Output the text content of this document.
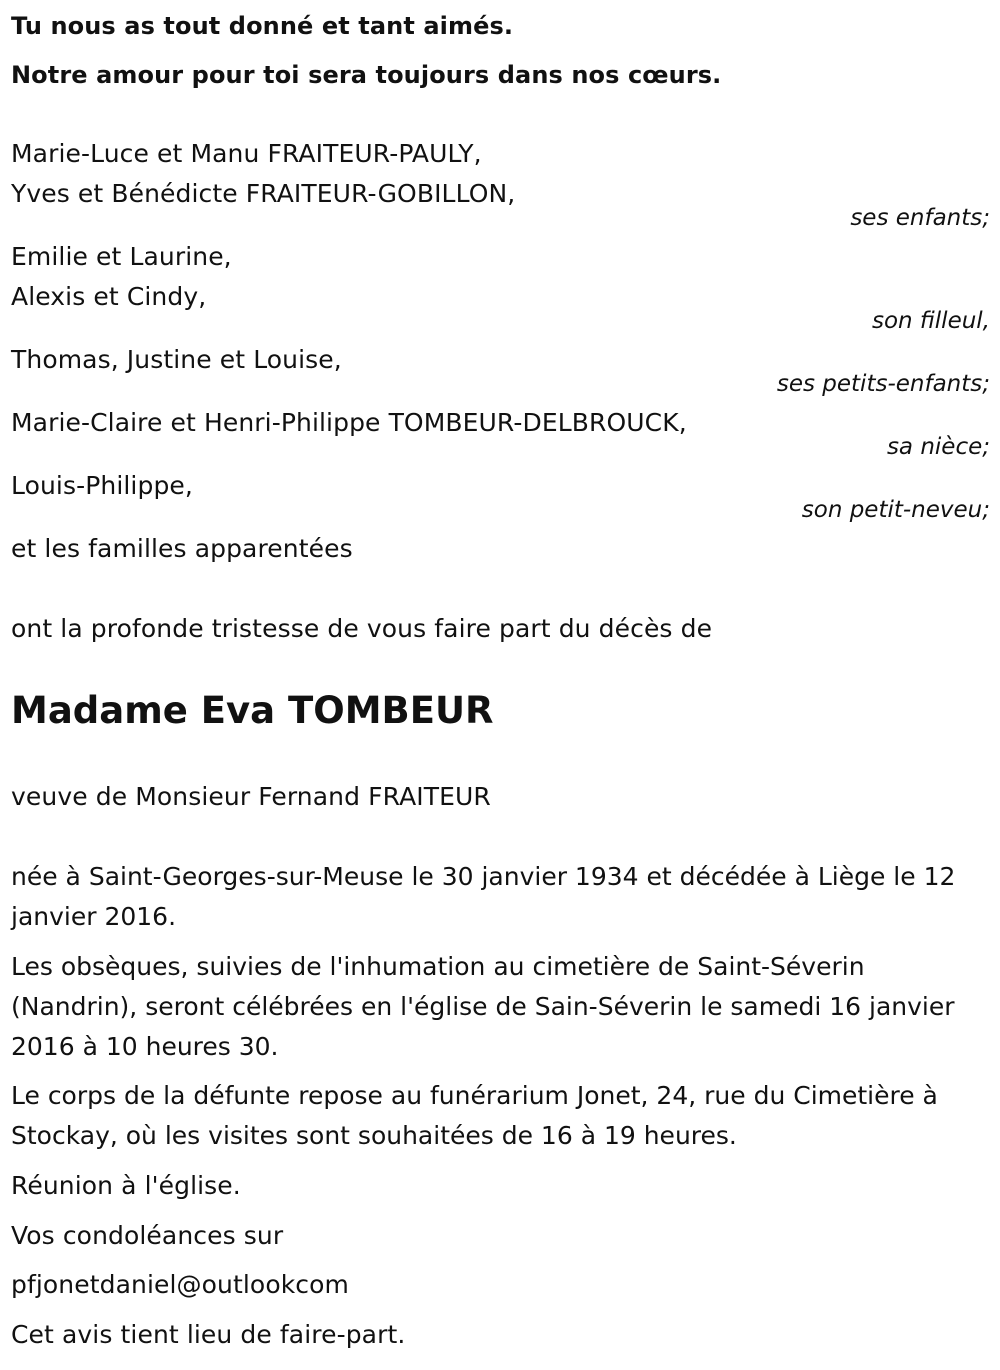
Tu nous as tout donné et tant aimés.
Notre amour pour toi sera toujours dans nos cœurs.
Marie-Luce et Manu FRAITEUR-PAULY,
Yves et Bénédicte FRAITEUR-GOBILLON,
ses enfants;
Emilie et Laurine,
Alexis et Cindy,
son filleul,
Thomas, Justine et Louise,
ses petits-enfants;
Marie-Claire et Henri-Philippe TOMBEUR-DELBROUCK,
sa nièce;
Louis-Philippe,
son petit-neveu;
et les familles apparentées
ont la profonde tristesse de vous faire part du décès de
Madame Eva TOMBEUR
veuve de Monsieur Fernand FRAITEUR
née à Saint-Georges-sur-Meuse le 30 janvier 1934 et décédée à Liège le 12 janvier 2016.
Les obsèques, suivies de l'inhumation au cimetière de Saint-Séverin (Nandrin), seront célébrées en l'église de Sain-Séverin le samedi 16 janvier 2016 à 10 heures 30.
Le corps de la défunte repose au funérarium Jonet, 24, rue du Cimetière à Stockay, où les visites sont souhaitées de 16 à 19 heures.
Réunion à l'église.
Vos condoléances sur
pfjonetdaniel@outlookcom
Cet avis tient lieu de faire-part.
